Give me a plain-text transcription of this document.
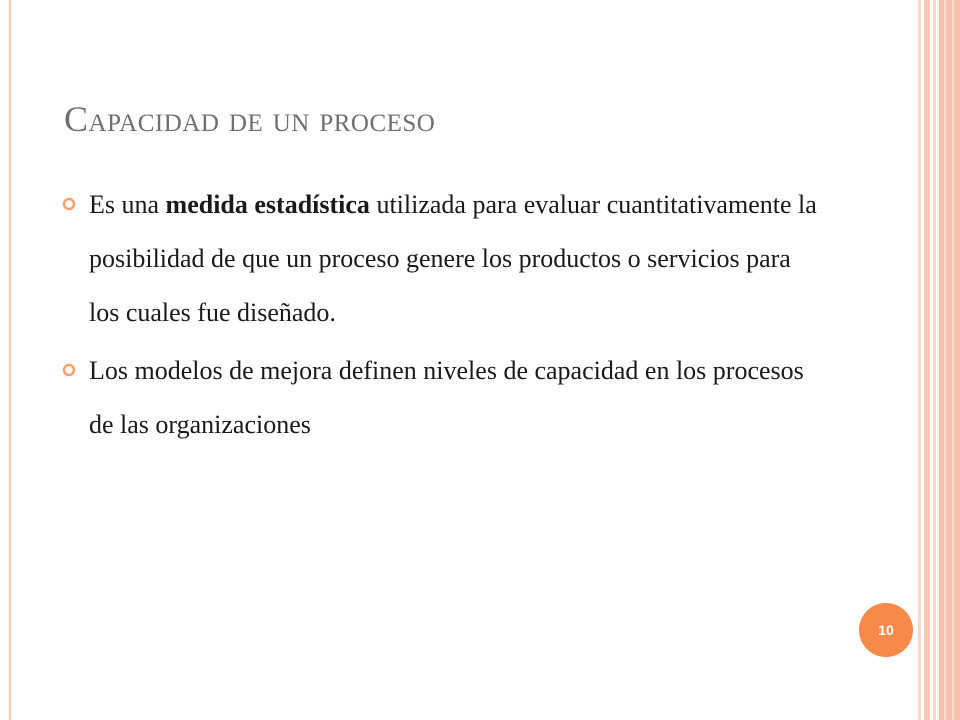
Capacidad de un proceso
Es una medida estadística utilizada para evaluar cuantitativamente la posibilidad de que un proceso genere los productos o servicios para los cuales fue diseñado.
Los modelos de mejora definen niveles de capacidad en los procesos de las organizaciones
10
